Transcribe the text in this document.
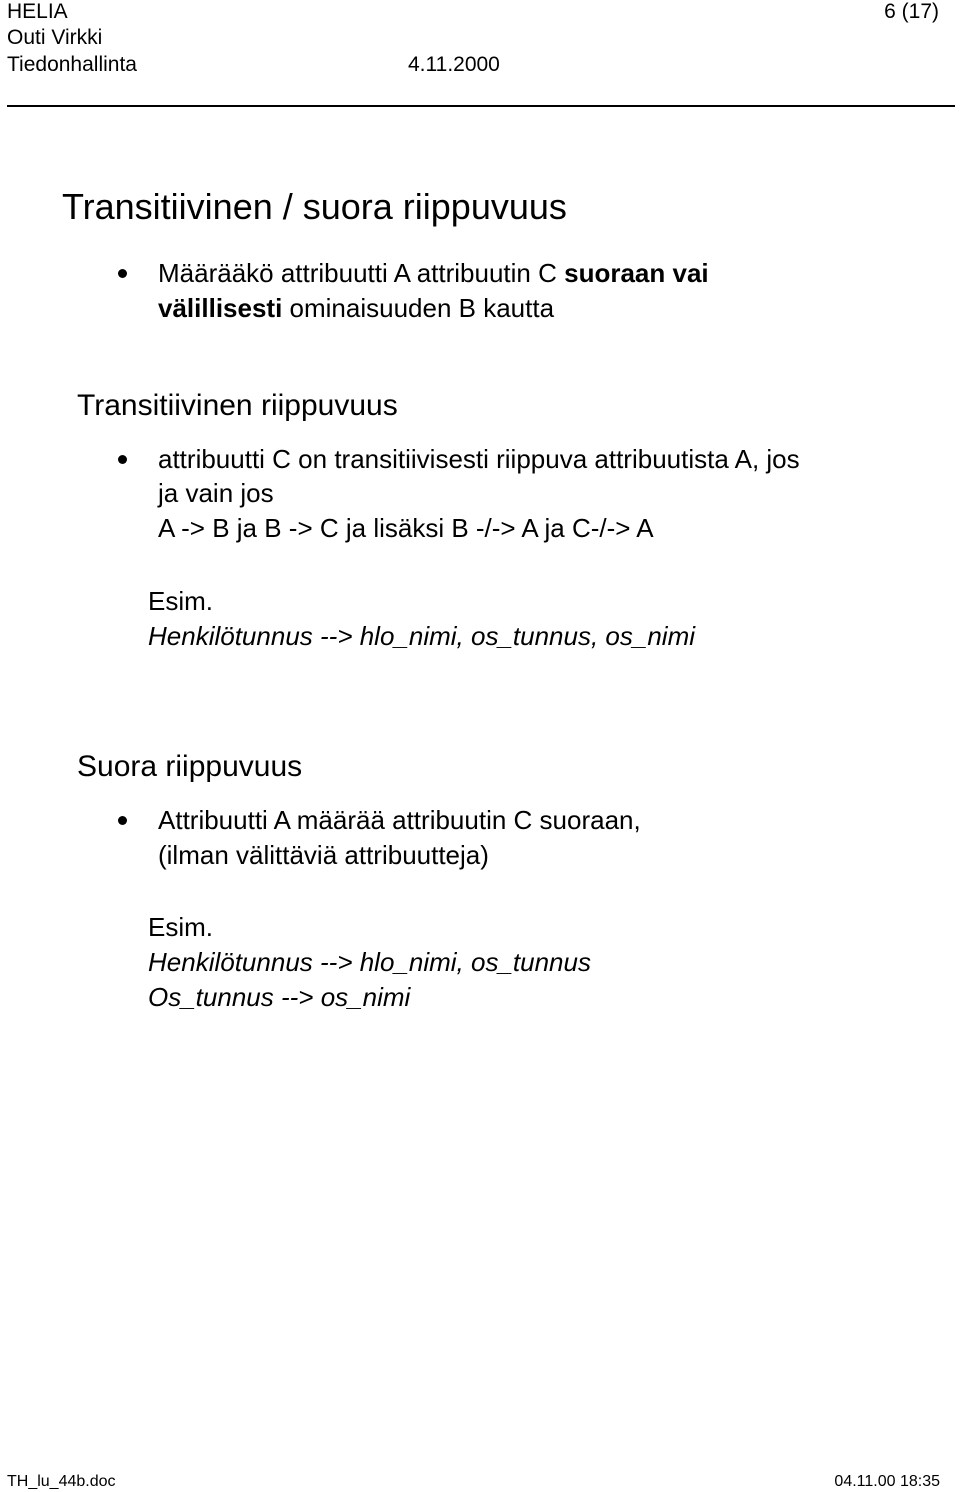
HELIA	6 (17)
Outi Virkki
Tiedonhallinta	4.11.2000
Transitiivinen / suora riippuvuus
Määrääkö attribuutti A attribuutin C suoraan vai
välillisesti ominaisuuden B kautta
Transitiivinen riippuvuus
attribuutti C on transitiivisesti riippuva attribuutista A, jos
ja vain jos
A -> B ja B -> C ja lisäksi B -/-> A ja C-/-> A
Esim.
Henkilötunnus --> hlo_nimi, os_tunnus, os_nimi
Suora riippuvuus
Attribuutti A määrää attribuutin C suoraan,
(ilman välittäviä attribuutteja)
Esim.
Henkilötunnus --> hlo_nimi, os_tunnus
Os_tunnus --> os_nimi
TH_lu_44b.doc	04.11.00 18:35
